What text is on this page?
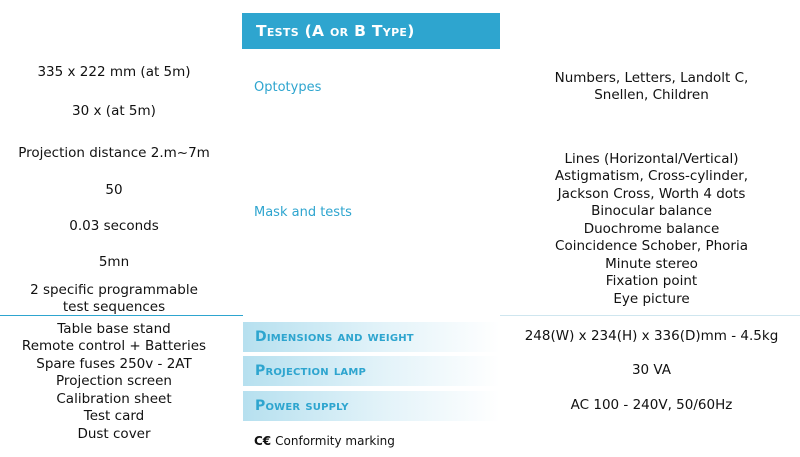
Tests (A or B Type)
335 x 222 mm (at 5m)
30 x (at 5m)
Projection distance 2.m~7m
50
0.03 seconds
5mn
2 specific programmable
test sequences
Table base stand
Remote control + Batteries
Spare fuses 250v - 2AT
Projection screen
Calibration sheet
Test card
Dust cover
Optotypes
Mask and tests
Numbers, Letters, Landolt C,
Snellen, Children
Lines (Horizontal/Vertical)
Astigmatism, Cross-cylinder,
Jackson Cross, Worth 4 dots
Binocular balance
Duochrome balance
Coincidence Schober, Phoria
Minute stereo
Fixation point
Eye picture
Dimensions and weight
Projection lamp
Power supply
248(W) x 234(H) x 336(D)mm - 4.5kg
30 VA
AC 100 - 240V, 50/60Hz
C€ Conformity marking
